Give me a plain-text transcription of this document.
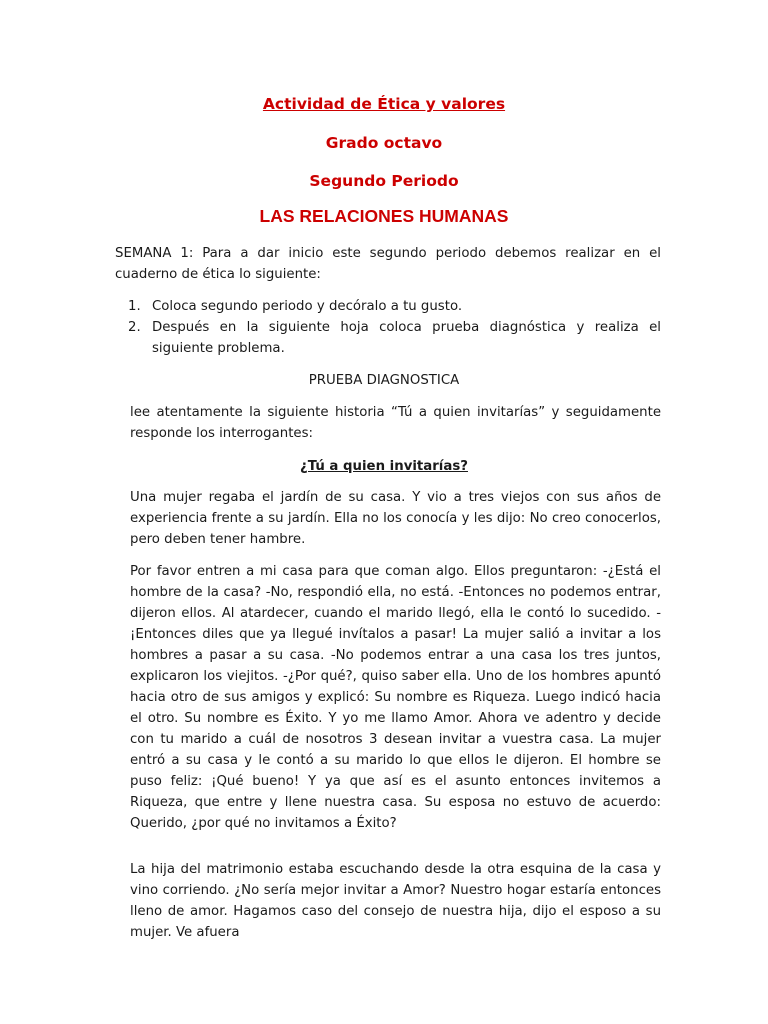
Actividad de Ética y valores
Grado octavo
Segundo Periodo
LAS RELACIONES HUMANAS

SEMANA 1: Para a dar inicio este segundo periodo debemos realizar en el cuaderno de ética lo siguiente:

1. Coloca segundo periodo y decóralo a tu gusto.
2. Después en la siguiente hoja coloca prueba diagnóstica y realiza el siguiente problema.

PRUEBA DIAGNOSTICA

lee atentamente la siguiente historia “Tú a quien invitarías” y seguidamente responde los interrogantes:

¿Tú a quien invitarías?

Una mujer regaba el jardín de su casa. Y vio a tres viejos con sus años de experiencia frente a su jardín. Ella no los conocía y les dijo: No creo conocerlos, pero deben tener hambre.

Por favor entren a mi casa para que coman algo. Ellos preguntaron: -¿Está el hombre de la casa? -No, respondió ella, no está. -Entonces no podemos entrar, dijeron ellos. Al atardecer, cuando el marido llegó, ella le contó lo sucedido. -¡Entonces diles que ya llegué invítalos a pasar! La mujer salió a invitar a los hombres a pasar a su casa. -No podemos entrar a una casa los tres juntos, explicaron los viejitos. -¿Por qué?, quiso saber ella. Uno de los hombres apuntó hacia otro de sus amigos y explicó: Su nombre es Riqueza. Luego indicó hacia el otro. Su nombre es Éxito. Y yo me llamo Amor. Ahora ve adentro y decide con tu marido a cuál de nosotros 3 desean invitar a vuestra casa. La mujer entró a su casa y le contó a su marido lo que ellos le dijeron. El hombre se puso feliz: ¡Qué bueno! Y ya que así es el asunto entonces invitemos a Riqueza, que entre y llene nuestra casa. Su esposa no estuvo de acuerdo: Querido, ¿por qué no invitamos a Éxito?

La hija del matrimonio estaba escuchando desde la otra esquina de la casa y vino corriendo. ¿No sería mejor invitar a Amor? Nuestro hogar estaría entonces lleno de amor. Hagamos caso del consejo de nuestra hija, dijo el esposo a su mujer. Ve afuera
